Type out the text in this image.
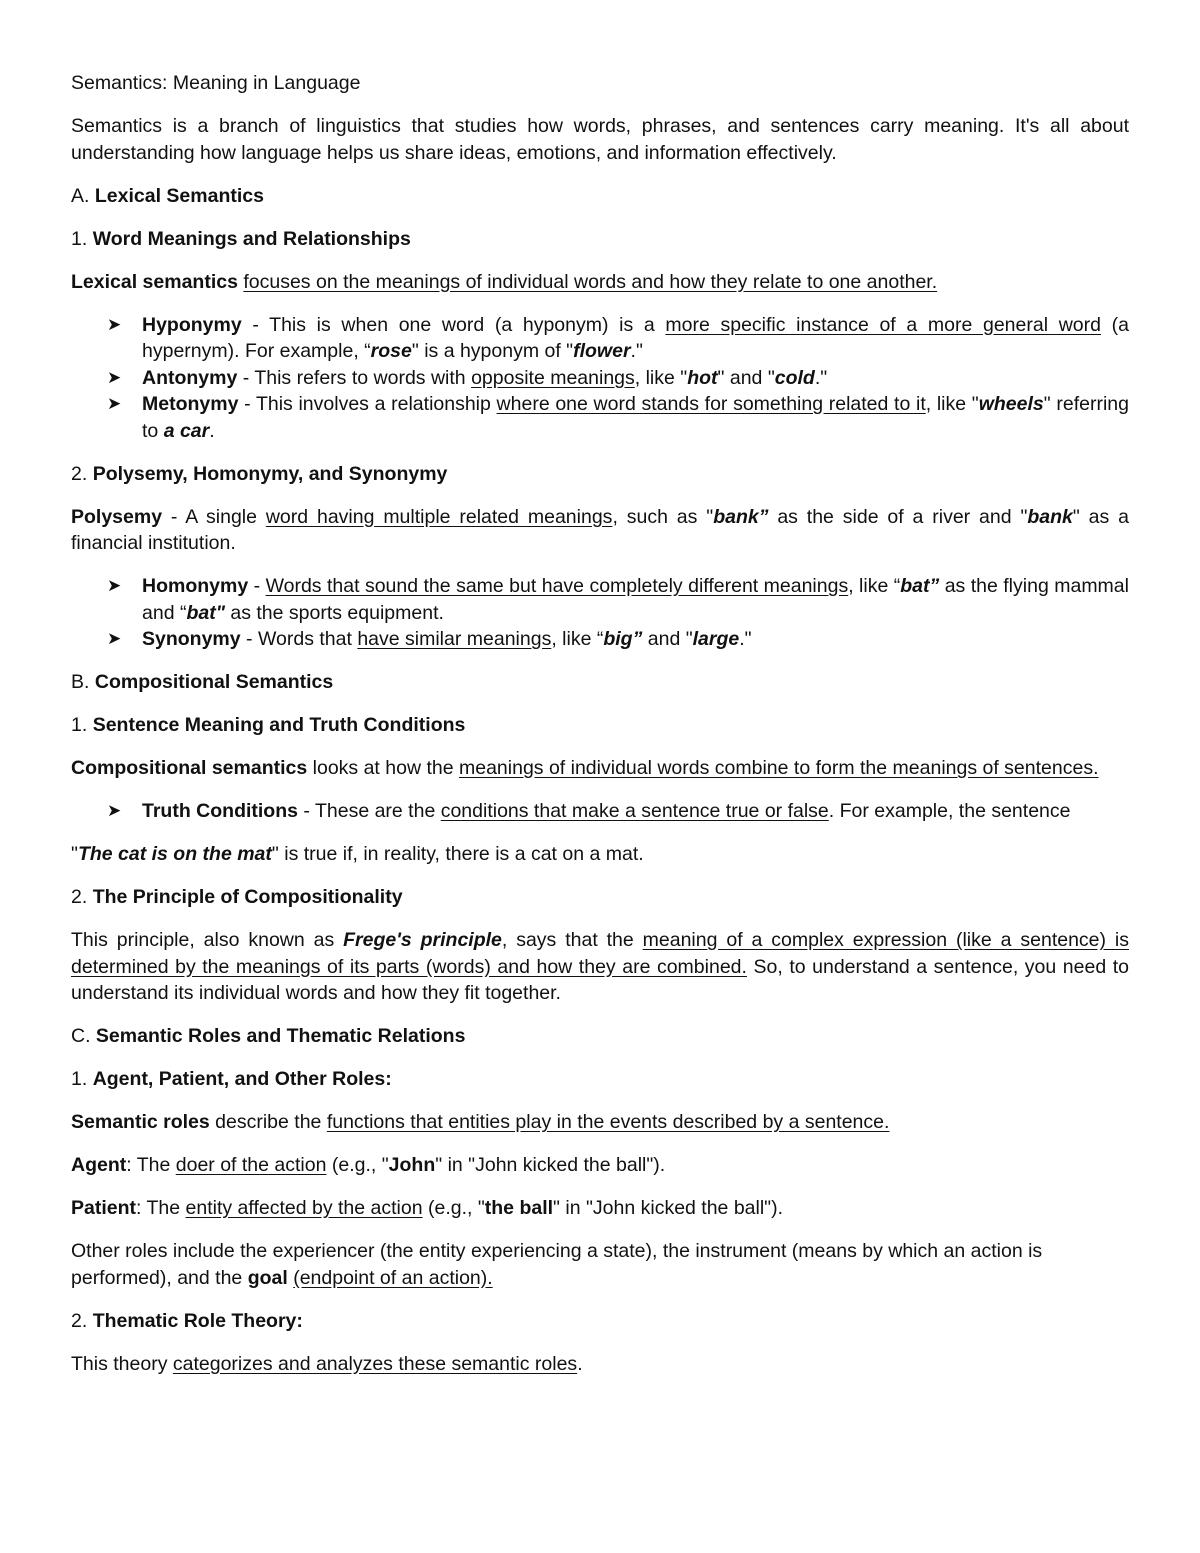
Semantics: Meaning in Language

Semantics is a branch of linguistics that studies how words, phrases, and sentences carry meaning. It's all about understanding how language helps us share ideas, emotions, and information effectively.

A. Lexical Semantics

1. Word Meanings and Relationships

Lexical semantics focuses on the meanings of individual words and how they relate to one another.

➤ Hyponymy - This is when one word (a hyponym) is a more specific instance of a more general word (a hypernym). For example, “rose" is a hyponym of "flower."
➤ Antonymy - This refers to words with opposite meanings, like "hot" and "cold."
➤ Metonymy - This involves a relationship where one word stands for something related to it, like "wheels" referring to a car.

2. Polysemy, Homonymy, and Synonymy

Polysemy - A single word having multiple related meanings, such as "bank” as the side of a river and "bank" as a financial institution.

➤ Homonymy - Words that sound the same but have completely different meanings, like “bat” as the flying mammal and “bat" as the sports equipment.
➤ Synonymy - Words that have similar meanings, like “big” and "large."

B. Compositional Semantics

1. Sentence Meaning and Truth Conditions

Compositional semantics looks at how the meanings of individual words combine to form the meanings of sentences.

➤ Truth Conditions - These are the conditions that make a sentence true or false. For example, the sentence

"The cat is on the mat" is true if, in reality, there is a cat on a mat.

2. The Principle of Compositionality

This principle, also known as Frege's principle, says that the meaning of a complex expression (like a sentence) is determined by the meanings of its parts (words) and how they are combined. So, to understand a sentence, you need to understand its individual words and how they fit together.

C. Semantic Roles and Thematic Relations

1. Agent, Patient, and Other Roles:

Semantic roles describe the functions that entities play in the events described by a sentence.

Agent: The doer of the action (e.g., "John" in "John kicked the ball").

Patient: The entity affected by the action (e.g., "the ball" in "John kicked the ball").

Other roles include the experiencer (the entity experiencing a state), the instrument (means by which an action is performed), and the goal (endpoint of an action).

2. Thematic Role Theory:

This theory categorizes and analyzes these semantic roles.
